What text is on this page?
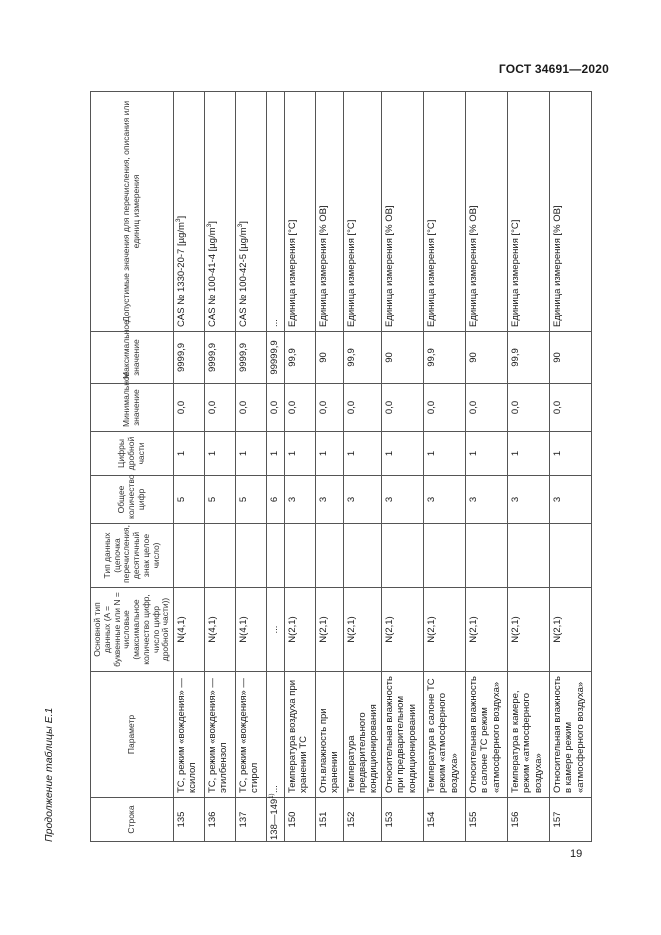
ГОСТ 34691—2020
Продолжение таблицы Е.1	Строка	Параметр	Основной тип данных (A = буквенные или N = числовые (максимальное количество цифр, число цифр дробной части))	Тип данных (цепочка перечисления, десятичный знак целое число)	Общее количество цифр	Цифры дробной части	Минимальное значение	Максимальное значение	Допустимые значения для перечисления, описания или единиц измерения
135	ТС, режим «вождения» — ксилол	N(4,1)		5	1	0,0	9999,9	CAS № 1330-20-7 $[\mu g/m^3]$
136	ТС, режим «вождения» — этилбензол	N(4,1)		5	1	0,0	9999,9	CAS № 100-41-4 $[\mu g/m^3]$
137	ТС, режим «вождения» — стирол	N(4,1)		5	1	0,0	9999,9	CAS № 100-42-5 $[\mu g/m^3]$
138—149$^{1)}$	...	...		6	1	0,0	99999,9	...
150	Температура воздуха при хранении ТС	N(2,1)		3	1	0,0	99,9	Единица измерения [°C]
151	Отн.влажность при хранении	N(2,1)		3	1	0,0	90	Единица измерения [% ОВ]
152	Температура предварительного кондиционирования	N(2,1)		3	1	0,0	99,9	Единица измерения [°C]
153	Относительная влажность при предварительном кондиционировании	N(2,1)		3	1	0,0	90	Единица измерения [% ОВ]
154	Температура в салоне ТС режим «атмосферного воздуха»	N(2,1)		3	1	0,0	99,9	Единица измерения [°C]
155	Относительная влажность в салоне ТС режим «атмосферного воздуха»	N(2,1)		3	1	0,0	90	Единица измерения [% ОВ]
156	Температура в камере, режим «атмосферного воздуха»	N(2,1)		3	1	0,0	99,9	Единица измерения [°C]
157	Относительная влажность в камере режим «атмосферного воздуха»	N(2,1)		3	1	0,0	90	Единица измерения [% ОВ]
19
